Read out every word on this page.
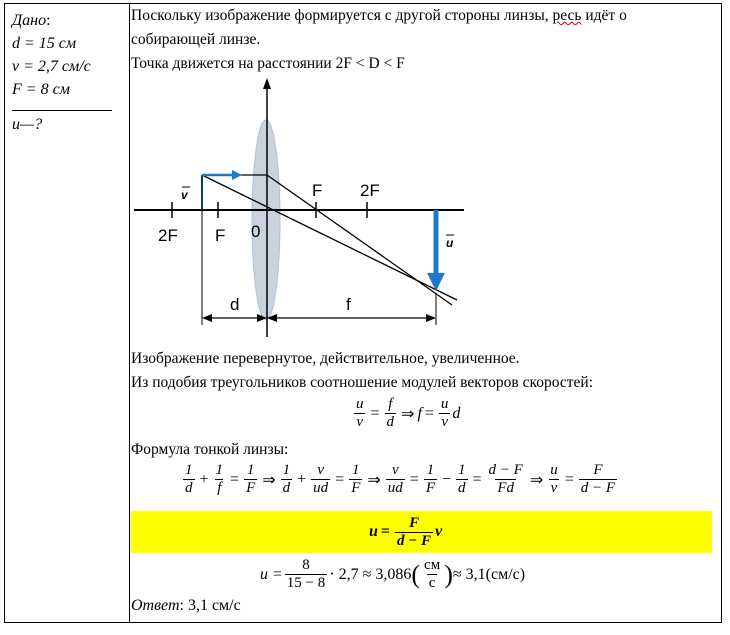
Дано:
d = 15 см
v = 2,7 см/с
F = 8 см
u—?
Поскольку изображение формируется с другой стороны линзы, ресь идёт о
собирающей линзе.
Точка движется на расстоянии 2F < D < F
2F F 0
F 2F
v
u
d	f
Изображение перевернутое, действительное, увеличенное.
Из подобия треугольников соотношение модулей векторов скоростей:
$\frac{u}{v} = \frac{f}{d}$ ⇒ $f = \frac{u}{v}$ d
Формула тонкой линзы:
1
d
+ $\frac{1}{f} = \frac{1}{F}$ ⇒
1
d
+ $\frac{v}{ud} = \frac{1}{F}$ ⇒ $\frac{v}{ud} = \frac{1}{F} - \frac{1}{d} = \frac{d - F}{Fd}$ ⇒ $\frac{u}{v} = \frac{F}{d - F}$
$u = \frac{F}{d - F}$ v
$u = \frac{8}{15 - 8} \cdot 2,7 \approx 3,086$ ( см
с ) ≈ 3,1(см/с)
Ответ: 3,1 см/с
